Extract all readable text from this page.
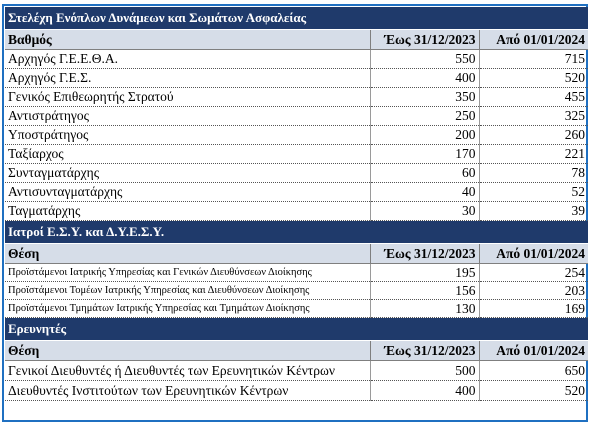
Στελέχη Ενόπλων Δυνάμεων και Σωμάτων Ασφαλείας		
Βαθμός	Έως 31/12/2023	Από 01/01/2024
Αρχηγός Γ.Ε.Ε.Θ.Α.	550	715
Αρχηγός Γ.Ε.Σ.	400	520
Γενικός Επιθεωρητής Στρατού	350	455
Αντιστράτηγος	250	325
Υποστράτηγος	200	260
Ταξίαρχος	170	221
Συνταγματάρχης	60	78
Αντισυνταγματάρχης	40	52
Ταγματάρχης	30	39
Ιατροί Ε.Σ.Υ. και Δ.Υ.Ε.Σ.Υ.		
Θέση	Έως 31/12/2023	Από 01/01/2024
Προϊστάμενοι Ιατρικής Υπηρεσίας και Γενικών Διευθύνσεων Διοίκησης	195	254
Προϊστάμενοι Τομέων Ιατρικής Υπηρεσίας και Διευθύνσεων Διοίκησης	156	203
Προϊστάμενοι Τμημάτων Ιατρικής Υπηρεσίας και Τμημάτων Διοίκησης	130	169
Ερευνητές		
Θέση	Έως 31/12/2023	Από 01/01/2024
Γενικοί Διευθυντές ή Διευθυντές των Ερευνητικών Κέντρων	500	650
Διευθυντές Ινστιτούτων των Ερευνητικών Κέντρων	400	520
